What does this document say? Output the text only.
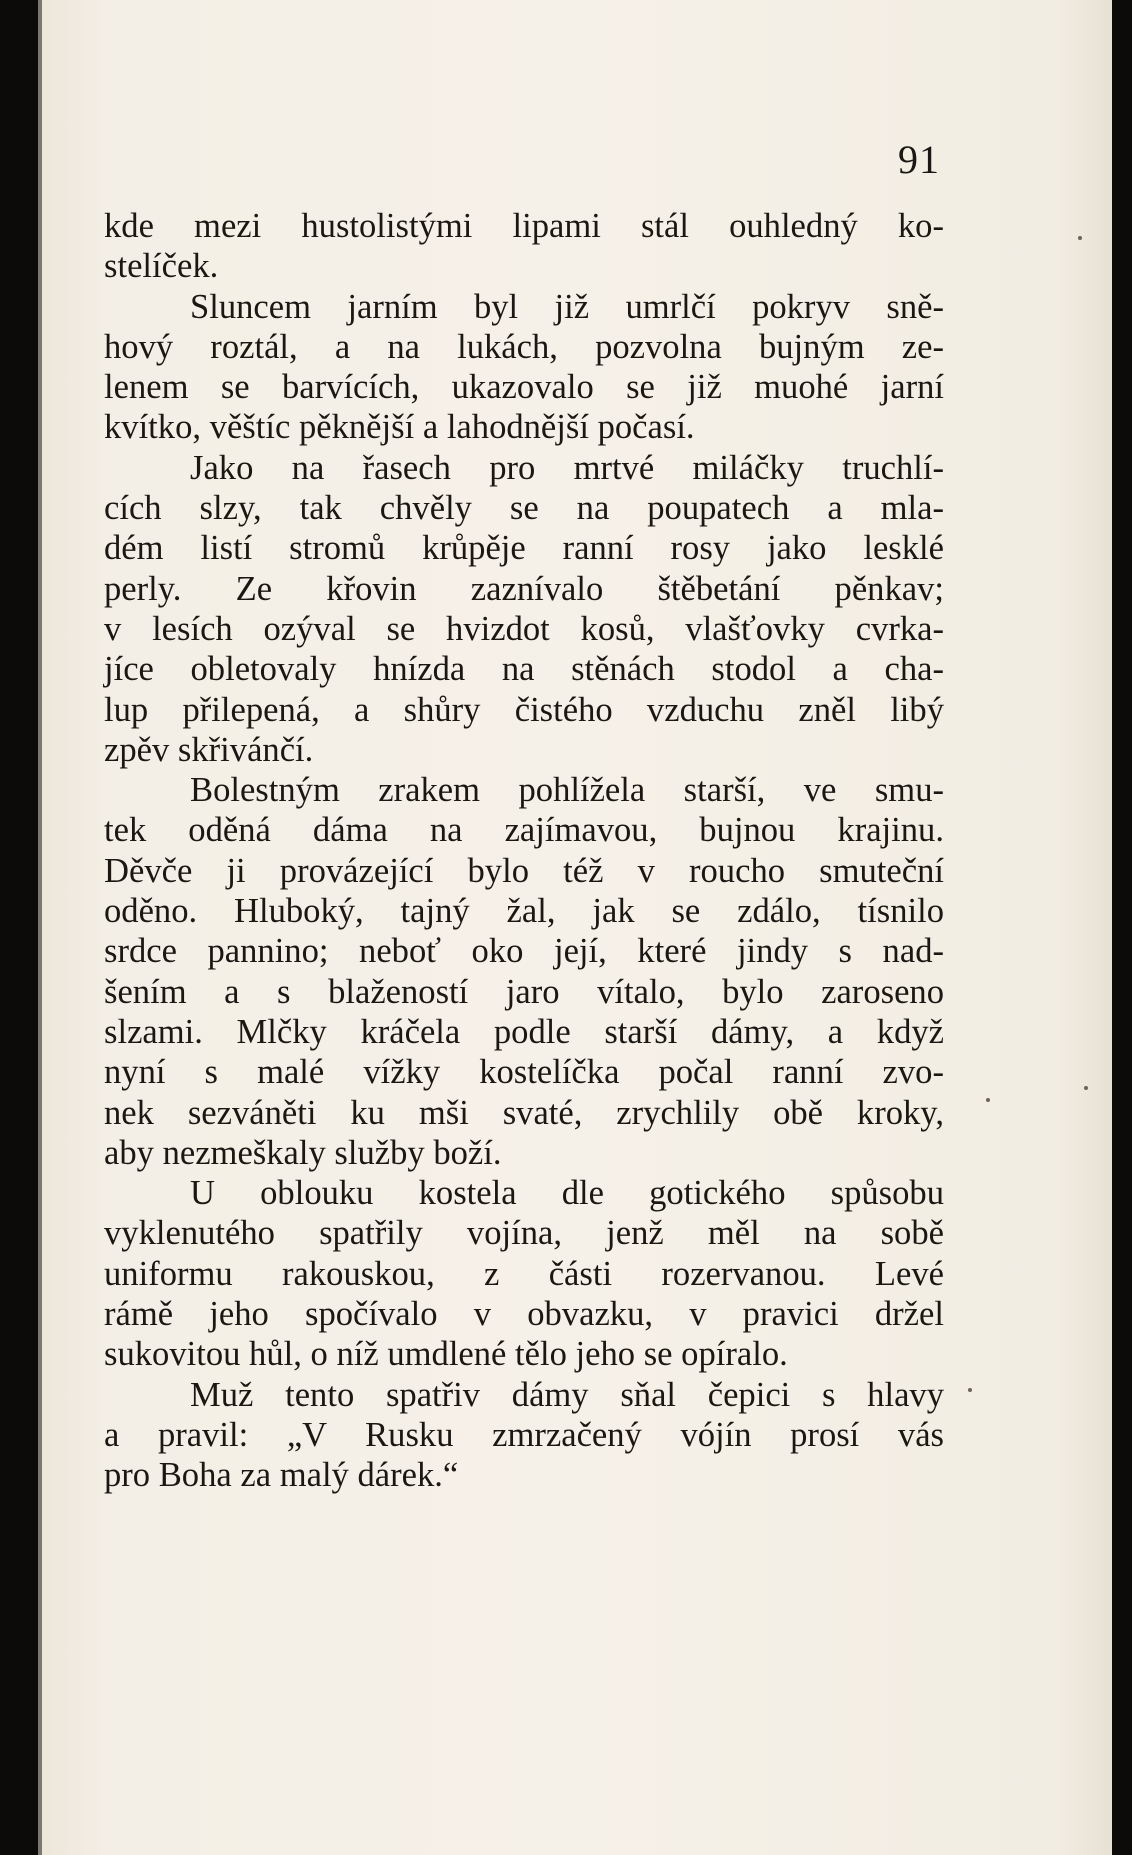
91

kde mezi hustolistými lipami stál ouhledný ko-
stelíček.

Sluncem jarním byl již umrlčí pokryv sně-
hový roztál, a na lukách, pozvolna bujným ze-
lenem se barvících, ukazovalo se již muohé jarní
kvítko, věštíc pěknější a lahodnější počasí.

Jako na řasech pro mrtvé miláčky truchlí-
cích slzy, tak chvěly se na poupatech a mla-
dém listí stromů krůpěje ranní rosy jako lesklé
perly. Ze křovin zaznívalo štěbetání pěnkav;
v lesích ozýval se hvizdot kosů, vlašťovky cvrka-
jíce obletovaly hnízda na stěnách stodol a cha-
lup přilepená, a shůry čistého vzduchu zněl libý
zpěv skřivánčí.

Bolestným zrakem pohlížela starší, ve smu-
tek oděná dáma na zajímavou, bujnou krajinu.
Děvče ji provázející bylo též v roucho smuteční
oděno. Hluboký, tajný žal, jak se zdálo, tísnilo
srdce pannino; neboť oko její, které jindy s nad-
šením a s blažeností jaro vítalo, bylo zaroseno
slzami. Mlčky kráčela podle starší dámy, a když
nyní s malé vížky kostelíčka počal ranní zvo-
nek sezváněti ku mši svaté, zrychlily obě kroky,
aby nezmeškaly služby boží.

U oblouku kostela dle gotického spůsobu
vyklenutého spatřily vojína, jenž měl na sobě
uniformu rakouskou, z části rozervanou. Levé
rámě jeho spočívalo v obvazku, v pravici držel
sukovitou hůl, o níž umdlené tělo jeho se opíralo.

Muž tento spatřiv dámy sňal čepici s hlavy
a pravil: „V Rusku zmrzačený vójín prosí vás
pro Boha za malý dárek.“
